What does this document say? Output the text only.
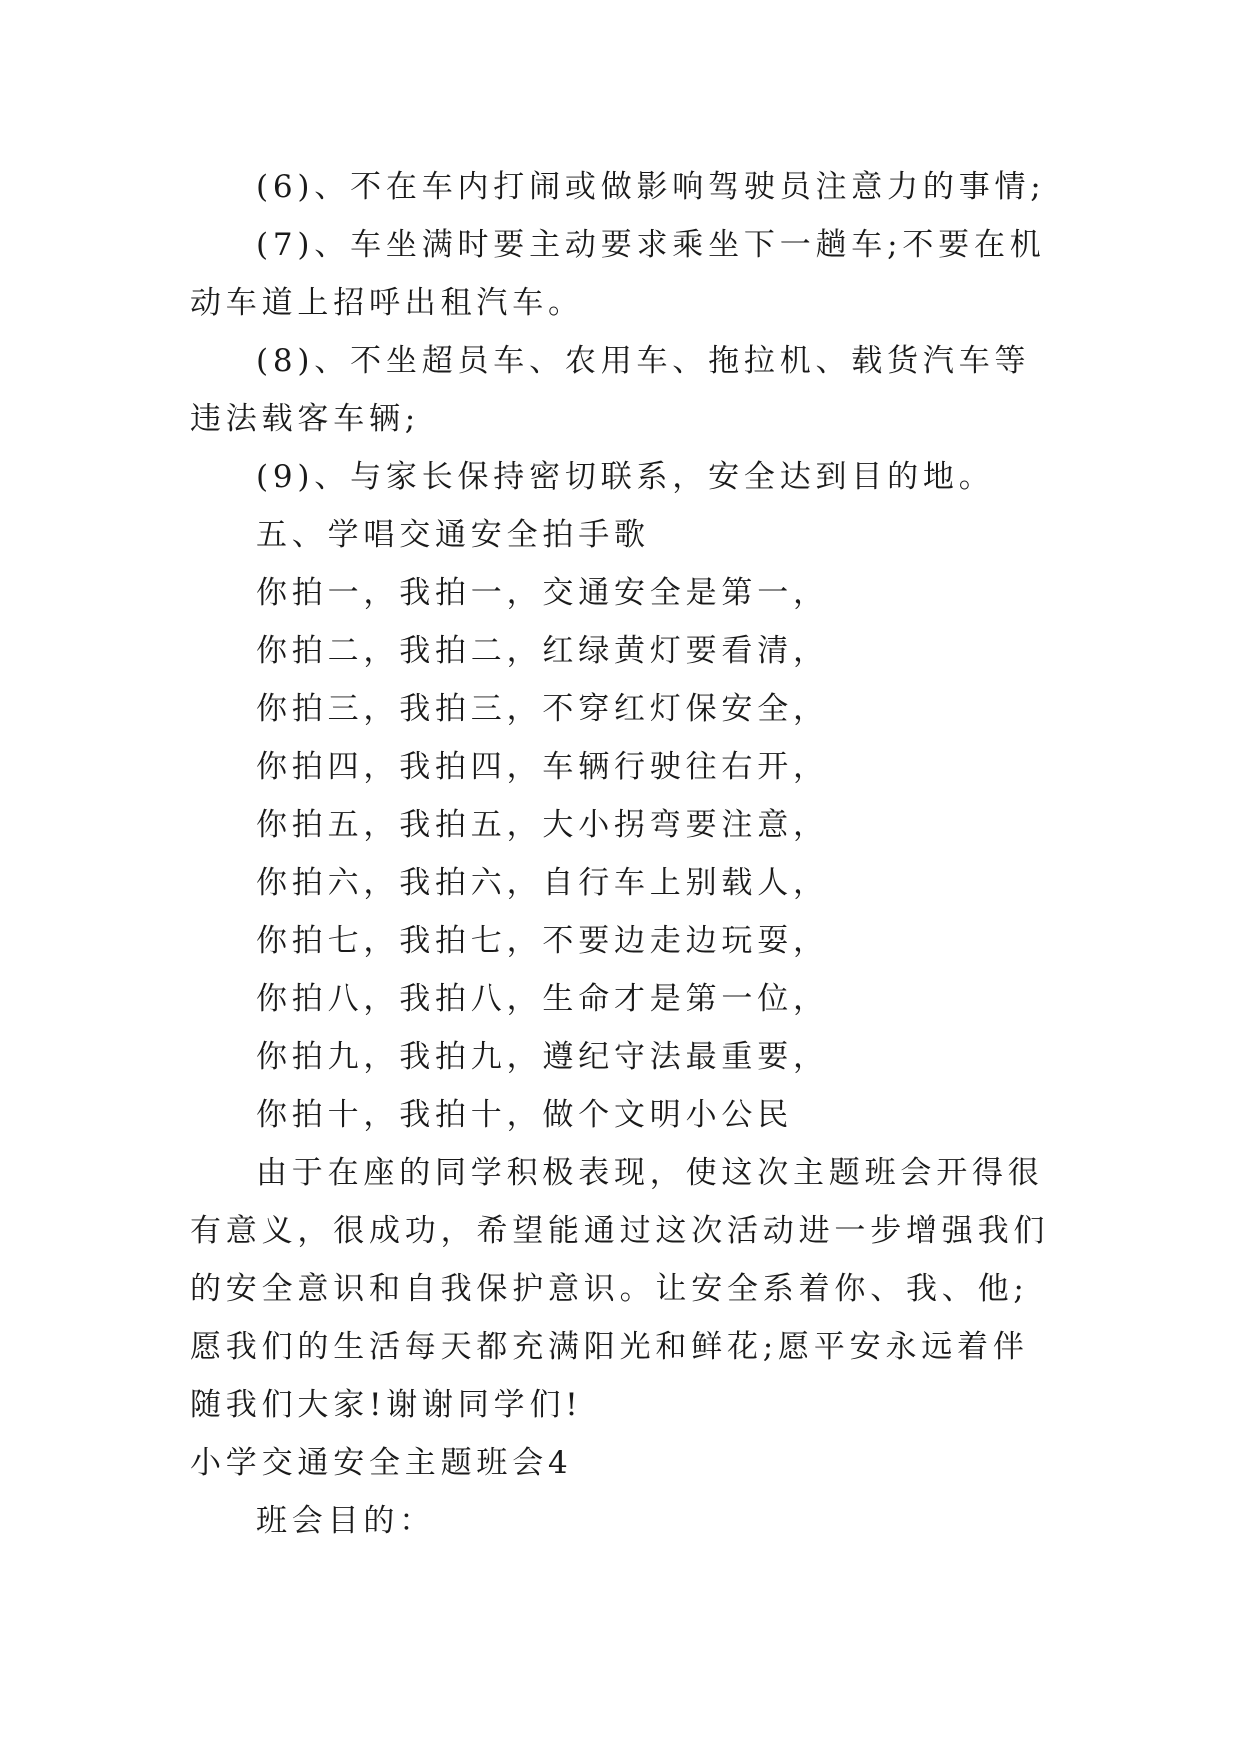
(6)、不在车内打闹或做影响驾驶员注意力的事情;

(7)、车坐满时要主动要求乘坐下一趟车;不要在机动车道上招呼出租汽车。

(8)、不坐超员车、农用车、拖拉机、载货汽车等违法载客车辆;

(9)、与家长保持密切联系，安全达到目的地。

五、学唱交通安全拍手歌

你拍一，我拍一，交通安全是第一，

你拍二，我拍二，红绿黄灯要看清，

你拍三，我拍三，不穿红灯保安全，

你拍四，我拍四，车辆行驶往右开，

你拍五，我拍五，大小拐弯要注意，

你拍六，我拍六，自行车上别载人，

你拍七，我拍七，不要边走边玩耍，

你拍八，我拍八，生命才是第一位，

你拍九，我拍九，遵纪守法最重要，

你拍十，我拍十，做个文明小公民

由于在座的同学积极表现，使这次主题班会开得很有意义，很成功，希望能通过这次活动进一步增强我们的安全意识和自我保护意识。让安全系着你、我、他;愿我们的生活每天都充满阳光和鲜花;愿平安永远着伴随我们大家!谢谢同学们!

小学交通安全主题班会4

班会目的：
